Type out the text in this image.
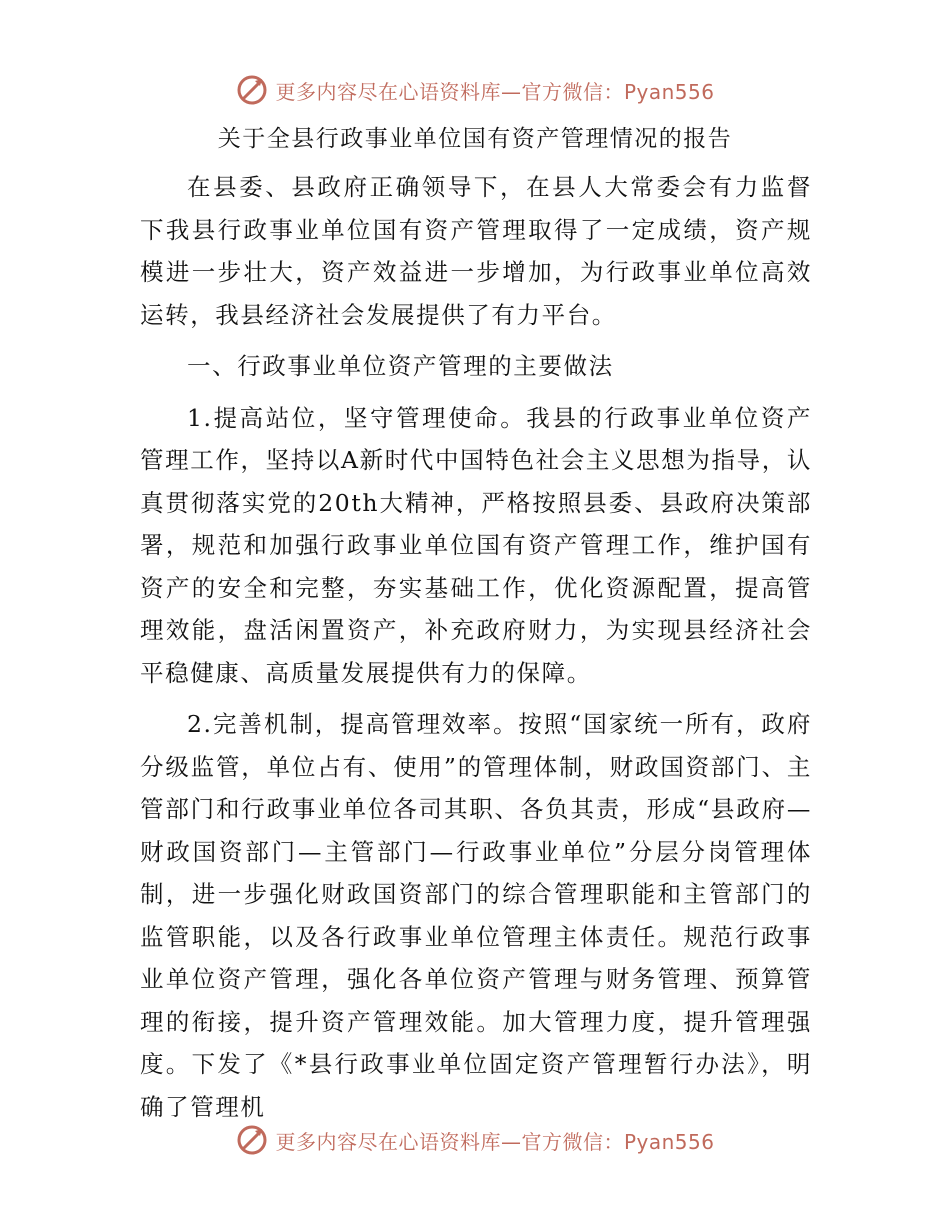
更多内容尽在心语资料库—官方微信：Pyan556
关于全县行政事业单位国有资产管理情况的报告

在县委、县政府正确领导下，在县人大常委会有力监督下我县行政事业单位国有资产管理取得了一定成绩，资产规模进一步壮大，资产效益进一步增加，为行政事业单位高效运转，我县经济社会发展提供了有力平台。

一、行政事业单位资产管理的主要做法

1.提高站位，坚守管理使命。我县的行政事业单位资产管理工作，坚持以A新时代中国特色社会主义思想为指导，认真贯彻落实党的20th大精神，严格按照县委、县政府决策部署，规范和加强行政事业单位国有资产管理工作，维护国有资产的安全和完整，夯实基础工作，优化资源配置，提高管理效能，盘活闲置资产，补充政府财力，为实现县经济社会平稳健康、高质量发展提供有力的保障。

2.完善机制，提高管理效率。按照“国家统一所有，政府分级监管，单位占有、使用”的管理体制，财政国资部门、主管部门和行政事业单位各司其职、各负其责，形成“县政府—财政国资部门—主管部门—行政事业单位”分层分岗管理体制，进一步强化财政国资部门的综合管理职能和主管部门的监管职能，以及各行政事业单位管理主体责任。规范行政事业单位资产管理，强化各单位资产管理与财务管理、预算管理的衔接，提升资产管理效能。加大管理力度，提升管理强度。下发了《*县行政事业单位固定资产管理暂行办法》，明确了管理机

更多内容尽在心语资料库—官方微信：Pyan556
